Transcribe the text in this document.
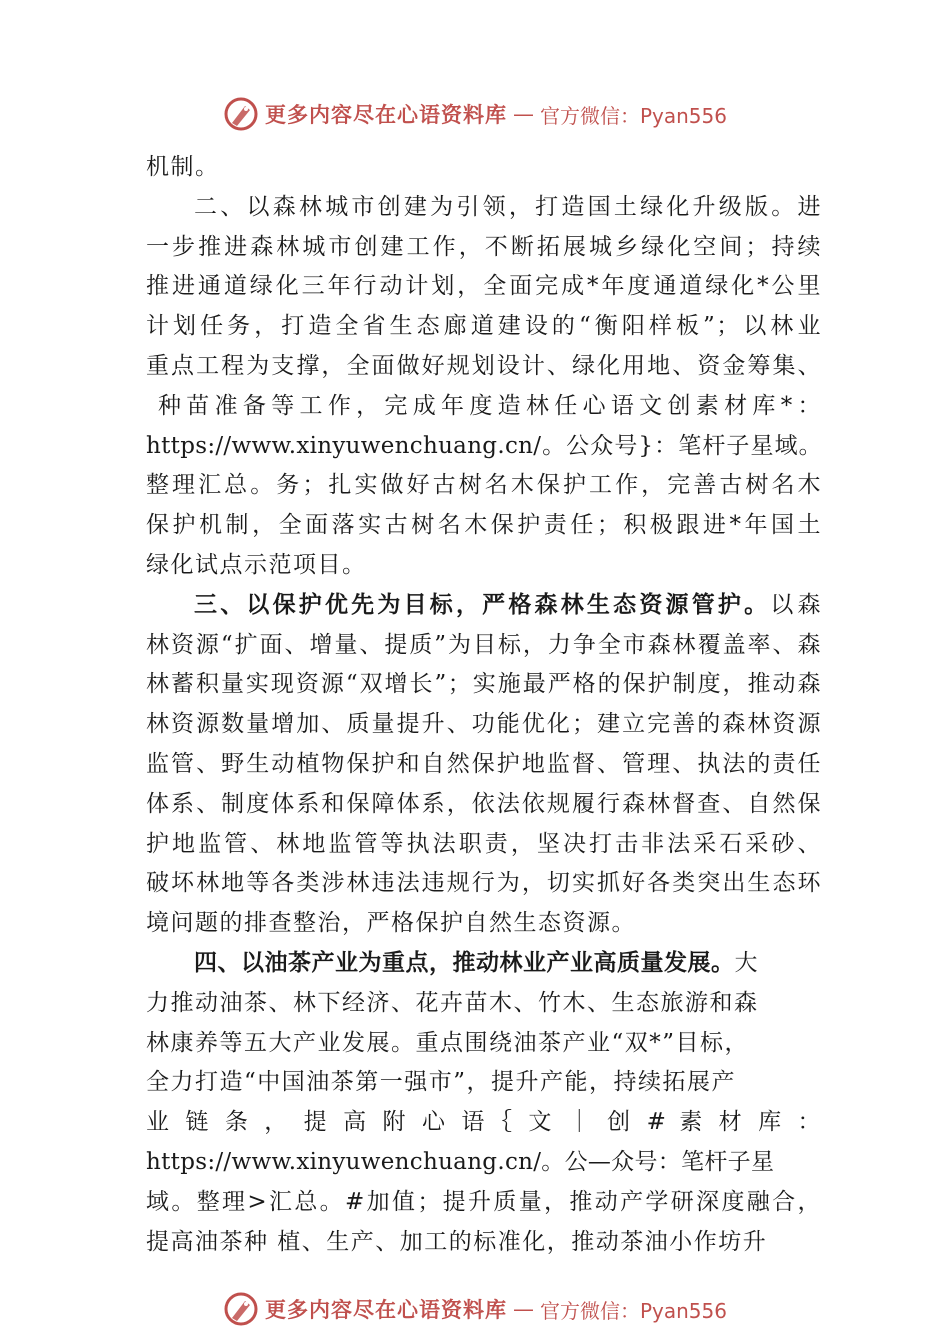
更多内容尽在心语资料库 — 官方微信：Pyan556
机制。
二、以森林城市创建为引领，打造国土绿化升级版。进
一步推进森林城市创建工作，不断拓展城乡绿化空间；持续
推进通道绿化三年行动计划，全面完成*年度通道绿化*公里
计划任务，打造全省生态廊道建设的“衡阳样板”；以林业
重点工程为支撑，全面做好规划设计、绿化用地、资金筹集、
种苗准备等工作，完成年度造林任心语文创素材库*：
https://www.xinyuwenchuang.cn/。公众号}：笔杆子星域。
整理汇总。务；扎实做好古树名木保护工作，完善古树名木
保护机制，全面落实古树名木保护责任；积极跟进*年国土
绿化试点示范项目。
三、以保护优先为目标，严格森林生态资源管护。以森
林资源“扩面、增量、提质”为目标，力争全市森林覆盖率、森
林蓄积量实现资源“双增长”；实施最严格的保护制度，推动森
林资源数量增加、质量提升、功能优化；建立完善的森林资源
监管、野生动植物保护和自然保护地监督、管理、执法的责任
体系、制度体系和保障体系，依法依规履行森林督查、自然保
护地监管、林地监管等执法职责，坚决打击非法采石采砂、
破坏林地等各类涉林违法违规行为，切实抓好各类突出生态环
境问题的排查整治，严格保护自然生态资源。
四、以油茶产业为重点，推动林业产业高质量发展。大
力推动油茶、林下经济、花卉苗木、竹木、生态旅游和森
林康养等五大产业发展。重点围绕油茶产业“双*”目标，
全力打造“中国油茶第一强市”，提升产能，持续拓展产
业 链 条 ， 提 高 附 心 语｛ 文 ｜ 创 # 素 材 库 ：
https://www.xinyuwenchuang.cn/。公—众号：笔杆子星
域。整理>汇总。#加值；提升质量，推动产学研深度融合，
提高油茶种 植、生产、加工的标准化，推动茶油小作坊升
更多内容尽在心语资料库 — 官方微信：Pyan556
